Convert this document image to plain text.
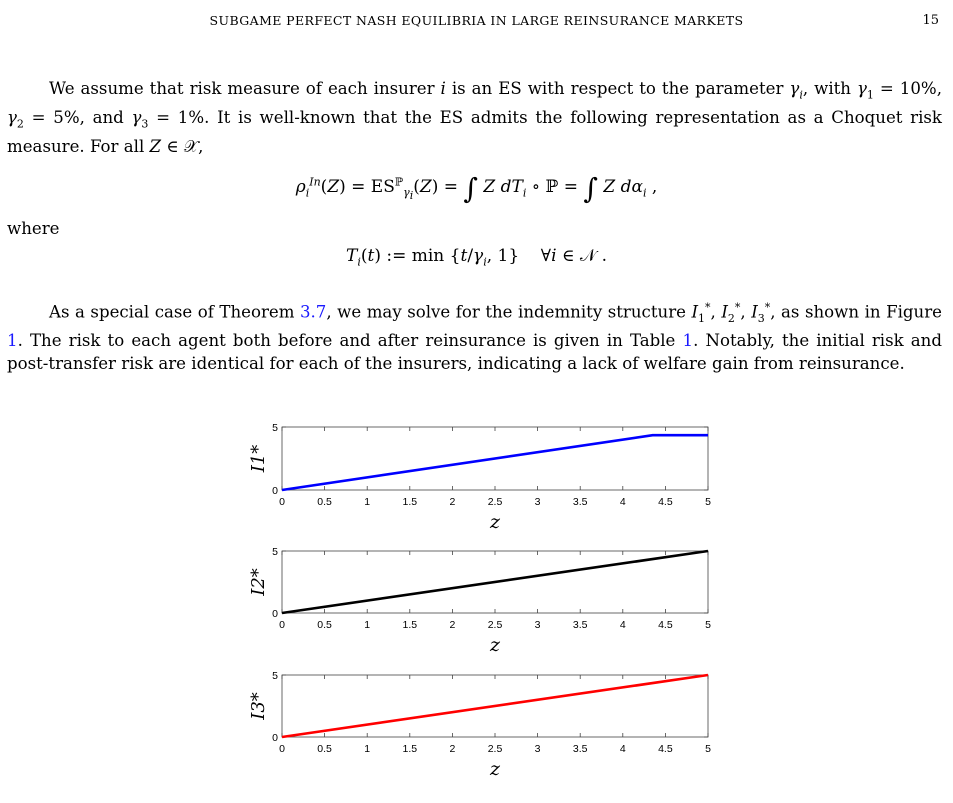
SUBGAME PERFECT NASH EQUILIBRIA IN LARGE REINSURANCE MARKETS	15
We assume that risk measure of each insurer i is an ES with respect to the parameter $\gamma_i$, with $\gamma_1 = 10\%$, $\gamma_2 = 5\%$, and $\gamma_3 = 1\%$. It is well-known that the ES admits the following representation as a Choquet risk measure. For all Z ∈ 𝒳,
$\rho_i^{In}(Z) = ES^ℙ_{\gamma_i}(Z)$ = ∫ Z $dT_i$ ∘ ℙ = ∫ Z $d\alpha_i$ ,
where
$T_i(t)$ := $\min \{t/\gamma_i$, 1}    ∀i ∈ 𝒩 .
As a special case of Theorem 3.7, we may solve for the indemnity structure $I_1^*$, $I_2^*$, $I_3^*$, as shown in Figure 1. The risk to each agent both before and after reinsurance is given in Table 1. Notably, the initial risk and post-transfer risk are identical for each of the insurers, indicating a lack of welfare gain from reinsurance.
0	0.5	1	1.5	2	2.5	3	3.5	4	4.5	5
0
5
I1*
z
0	0.5	1	1.5	2	2.5	3	3.5	4	4.5	5
0
5
I2*
z
0	0.5	1	1.5	2	2.5	3	3.5	4	4.5	5
0
5
I3*
z
